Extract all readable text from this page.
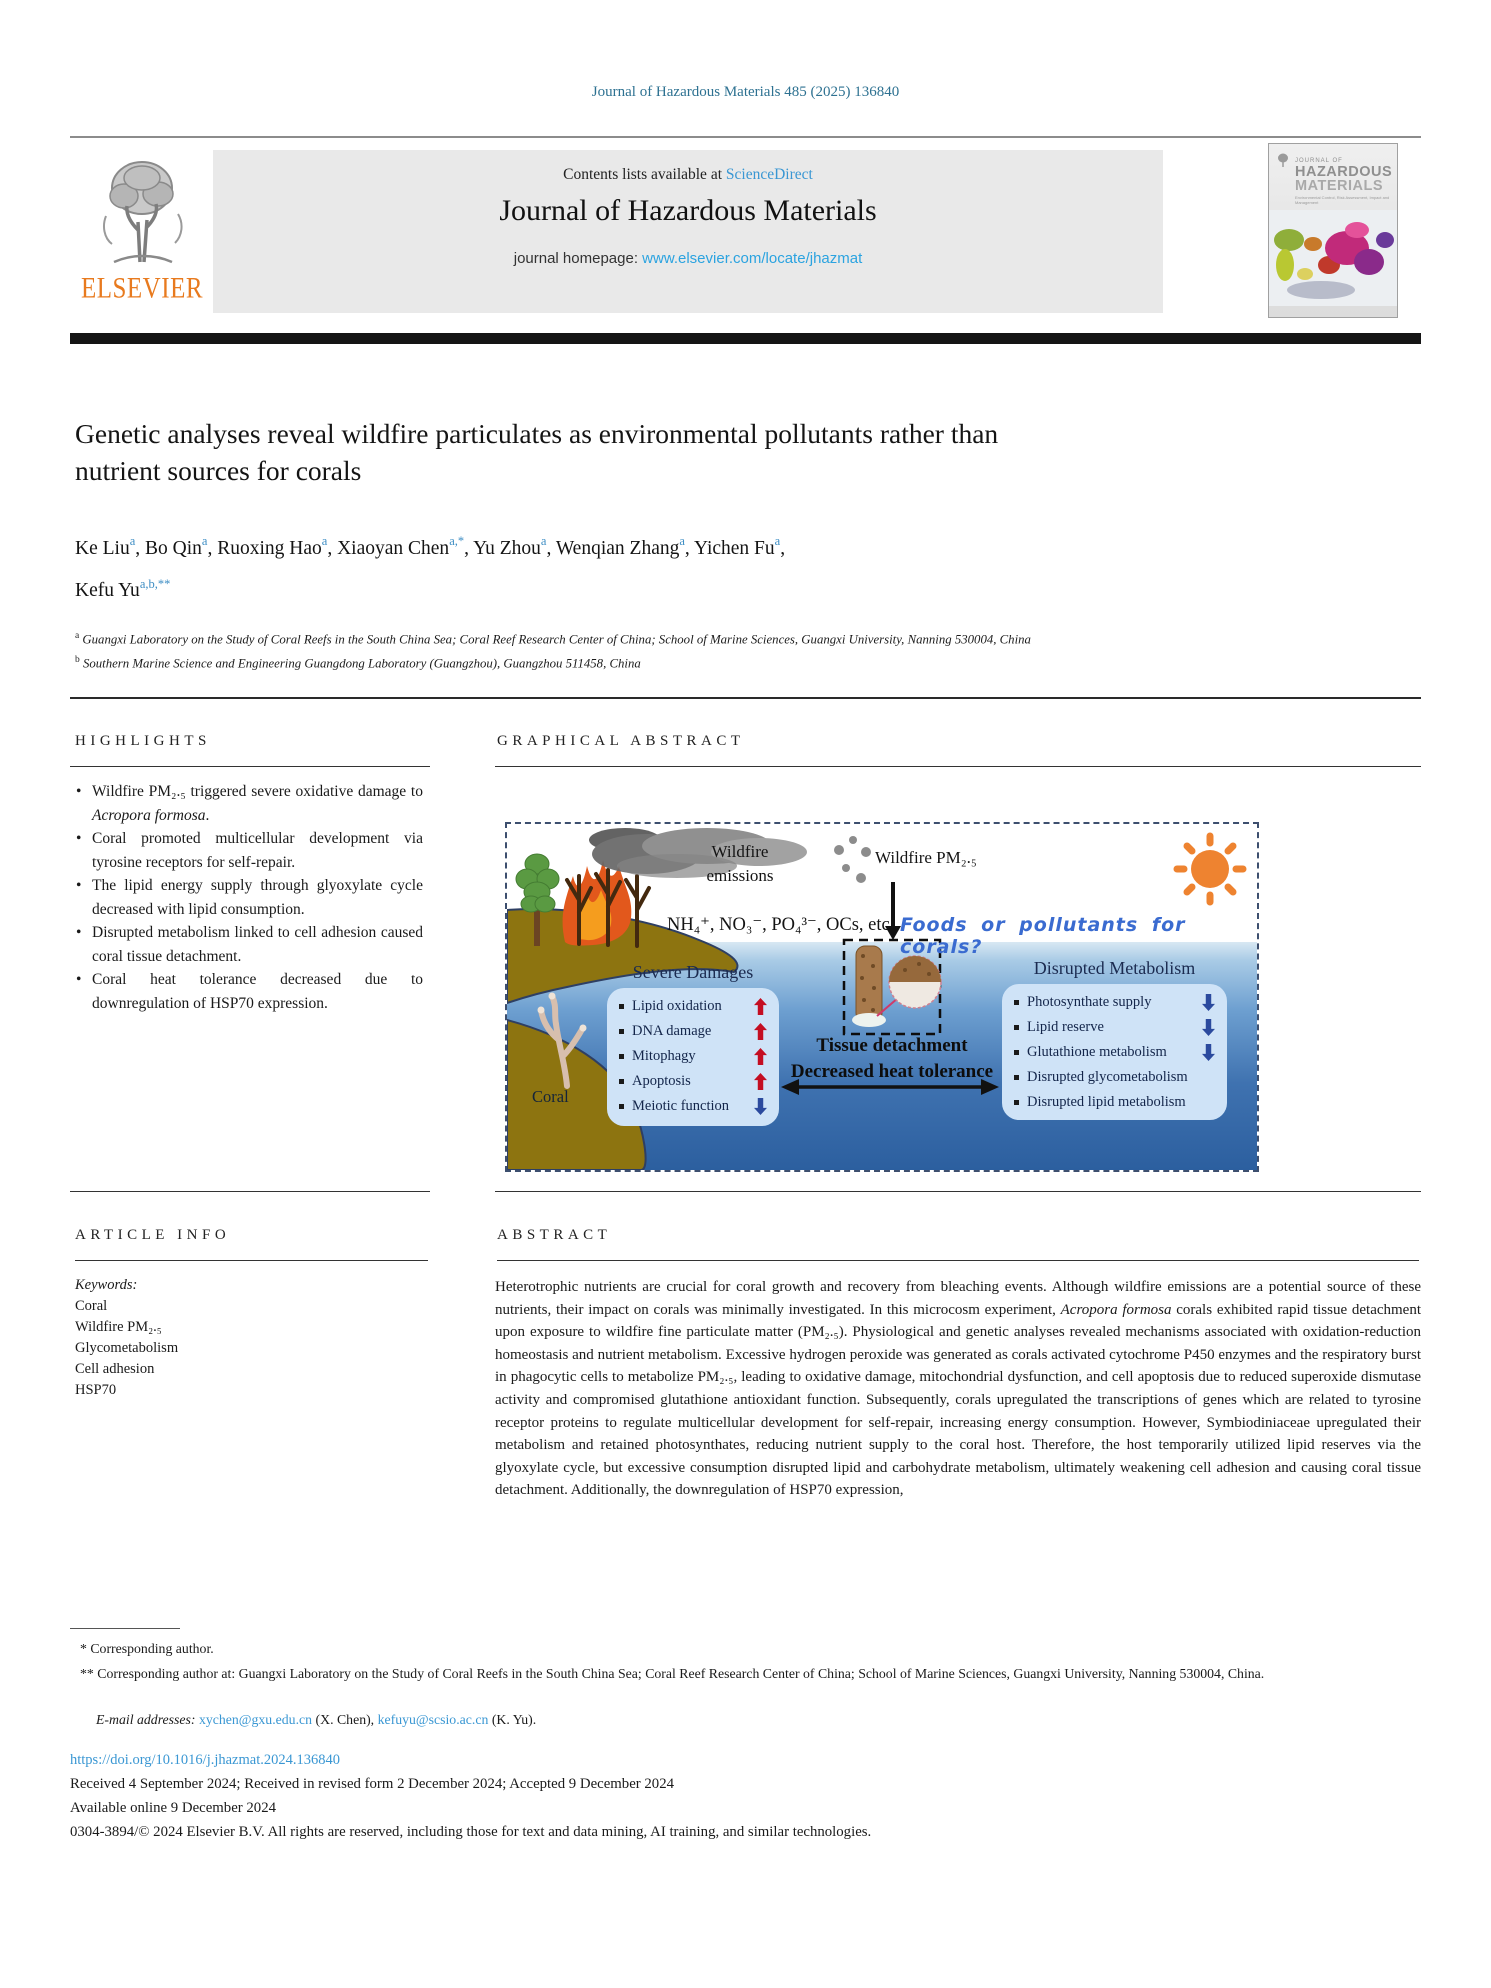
Journal of Hazardous Materials 485 (2025) 136840
ELSEVIER
Contents lists available at ScienceDirect
Journal of Hazardous Materials
journal homepage: www.elsevier.com/locate/jhazmat
JOURNAL OF
HAZARDOUS
MATERIALS
Environmental Control, Risk Assessment, Impact and Management
Genetic analyses reveal wildfire particulates as environmental pollutants rather than nutrient sources for corals
Ke Liu$^a$, Bo Qin$^a$, Ruoxing Hao$^a$, Xiaoyan Chen$^{a,*}$, Yu Zhou$^a$, Wenqian Zhang$^a$, Yichen Fu$^a$,
Kefu $Yu^{a,b,**}$
$^a$ Guangxi Laboratory on the Study of Coral Reefs in the South China Sea; Coral Reef Research Center of China; School of Marine Sciences, Guangxi University, Nanning 530004, China
$^b$ Southern Marine Science and Engineering Guangdong Laboratory (Guangzhou), Guangzhou 511458, China
HIGHLIGHTS
• Wildfire PM₂.₅ triggered severe oxidative damage to Acropora formosa.
• Coral promoted multicellular development via tyrosine receptors for self-repair.
• The lipid energy supply through glyoxylate cycle decreased with lipid consumption.
• Disrupted metabolism linked to cell adhesion caused coral tissue detachment.
• Coral heat tolerance decreased due to downregulation of HSP70 expression.
GRAPHICAL ABSTRACT
Wildfire
emissions
Wildfire PM₂.₅
NH₄⁺, NO₃⁻, PO₄³⁻, OCs, etc Foods or pollutants for corals?
Severe Damages
Lipid oxidation
DNA damage
Mitophagy
Apoptosis
Meiotic function
Tissue detachment
Decreased heat tolerance
Coral
Disrupted Metabolism
Photosynthate supply
Lipid reserve
Glutathione metabolism
Disrupted glycometabolism
Disrupted lipid metabolism
ARTICLE INFO	ABSTRACT
Keywords:
Coral
Wildfire PM₂.₅
Glycometabolism
Cell adhesion
HSP70
Heterotrophic nutrients are crucial for coral growth and recovery from bleaching events. Although wildfire emissions are a potential source of these nutrients, their impact on corals was minimally investigated. In this microcosm experiment, Acropora formosa corals exhibited rapid tissue detachment upon exposure to wildfire fine particulate matter (PM₂.₅). Physiological and genetic analyses revealed mechanisms associated with oxidation-reduction homeostasis and nutrient metabolism. Excessive hydrogen peroxide was generated as corals activated cytochrome P450 enzymes and the respiratory burst in phagocytic cells to metabolize PM₂.₅, leading to oxidative damage, mitochondrial dysfunction, and cell apoptosis due to reduced superoxide dismutase activity and compromised glutathione antioxidant function. Subsequently, corals upregulated the transcriptions of genes which are related to tyrosine receptor proteins to regulate multicellular development for self-repair, increasing energy consumption. However, Symbiodiniaceae upregulated their metabolism and retained photosynthates, reducing nutrient supply to the coral host. Therefore, the host temporarily utilized lipid reserves via the glyoxylate cycle, but excessive consumption disrupted lipid and carbohydrate metabolism, ultimately weakening cell adhesion and causing coral tissue detachment. Additionally, the downregulation of HSP70 expression,
* Corresponding author.
** Corresponding author at: Guangxi Laboratory on the Study of Coral Reefs in the South China Sea; Coral Reef Research Center of China; School of Marine Sciences, Guangxi University, Nanning 530004, China.
E-mail addresses: xychen@gxu.edu.cn (X. Chen), kefuyu@scsio.ac.cn (K. Yu).
https://doi.org/10.1016/j.jhazmat.2024.136840
Received 4 September 2024; Received in revised form 2 December 2024; Accepted 9 December 2024
Available online 9 December 2024
0304-3894/© 2024 Elsevier B.V. All rights are reserved, including those for text and data mining, AI training, and similar technologies.
